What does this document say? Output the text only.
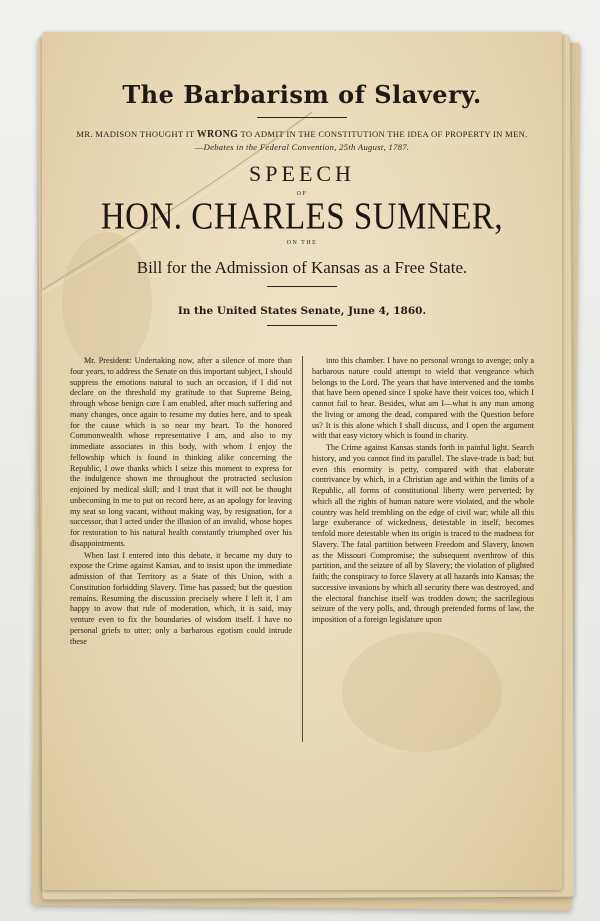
The Barbarism of Slavery.
MR. MADISON THOUGHT IT WRONG TO ADMIT IN THE CONSTITUTION THE IDEA OF PROPERTY IN MEN.—Debates in the Federal Convention, 25th August, 1787.
SPEECH
OF
HON. CHARLES SUMNER,
ON THE
Bill for the Admission of Kansas as a Free State.
In the United States Senate, June 4, 1860.

Mr. President: Undertaking now, after a silence of more than four years, to address the Senate on this important subject, I should suppress the emotions natural to such an occasion, if I did not declare on the threshold my gratitude to that Supreme Being, through whose benign care I am enabled, after much suffering and many changes, once again to resume my duties here, and to speak for the cause which is so near my heart. To the honored Commonwealth whose representative I am, and also to my immediate associates in this body, with whom I enjoy the fellowship which is found in thinking alike concerning the Republic, I owe thanks which I seize this moment to express for the indulgence shown me throughout the protracted seclusion enjoined by medical skill; and I trust that it will not be thought unbecoming in me to put on record here, as an apology for leaving my seat so long vacant, without making way, by resignation, for a successor, that I acted under the illusion of an invalid, whose hopes for restoration to his natural health constantly triumphed over his disappointments.

When last I entered into this debate, it became my duty to expose the Crime against Kansas, and to insist upon the immediate admission of that Territory as a State of this Union, with a Constitution forbidding Slavery. Time has passed; but the question remains. Resuming the discussion precisely where I left it, I am happy to avow that rule of moderation, which, it is said, may venture even to fix the boundaries of wisdom itself. I have no personal griefs to utter; only a barbarous egotism could intrude these

into this chamber. I have no personal wrongs to avenge; only a barbarous nature could attempt to wield that vengeance which belongs to the Lord. The years that have intervened and the tombs that have been opened since I spoke have their voices too, which I cannot fail to hear. Besides, what am I—what is any man among the living or among the dead, compared with the Question before us? It is this alone which I shall discuss, and I open the argument with that easy victory which is found in charity.

The Crime against Kansas stands forth in painful light. Search history, and you cannot find its parallel. The slave-trade is bad; but even this enormity is petty, compared with that elaborate contrivance by which, in a Christian age and within the limits of a Republic, all forms of constitutional liberty were perverted; by which all the rights of human nature were violated, and the whole country was held trembling on the edge of civil war; while all this large exuberance of wickedness, detestable in itself, becomes tenfold more detestable when its origin is traced to the madness for Slavery. The fatal partition between Freedom and Slavery, known as the Missouri Compromise; the subsequent overthrow of this partition, and the seizure of all by Slavery; the violation of plighted faith; the conspiracy to force Slavery at all hazards into Kansas; the successive invasions by which all security there was destroyed, and the electoral franchise itself was trodden down; the sacrilegious seizure of the very polls, and, through pretended forms of law, the imposition of a foreign legislature upon
